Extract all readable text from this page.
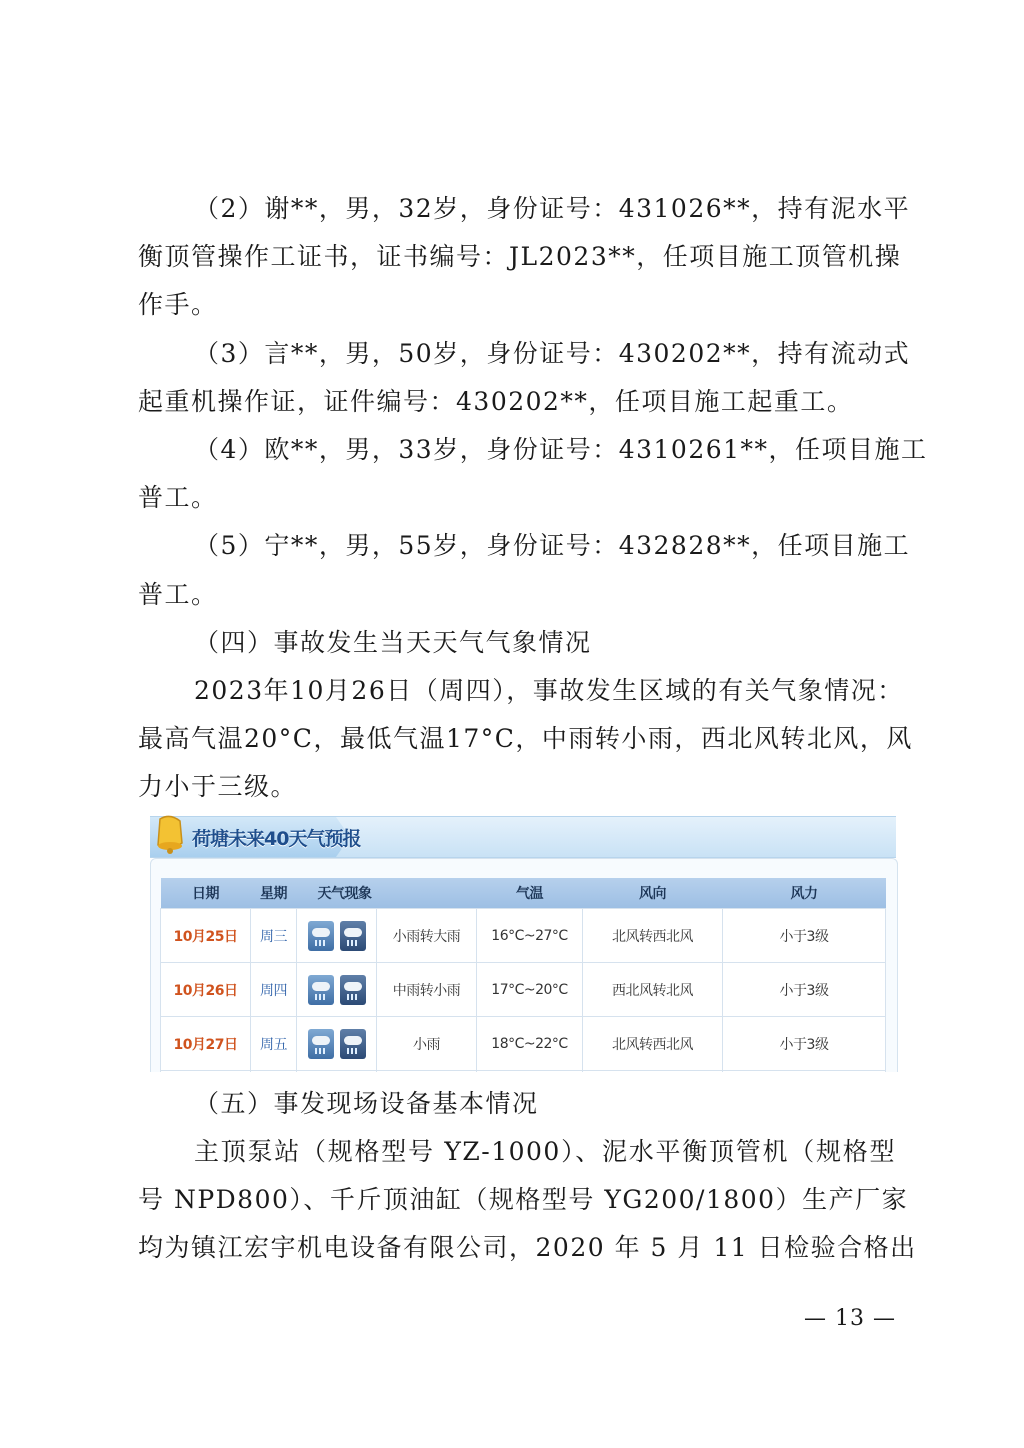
（2）谢**，男，32岁，身份证号：431026**，持有泥水平
衡顶管操作工证书，证书编号：JL2023**，任项目施工顶管机操
作手。
（3）言**，男，50岁，身份证号：430202**，持有流动式
起重机操作证，证件编号：430202**，任项目施工起重工。
（4）欧**，男，33岁，身份证号：4310261**，任项目施工
普工。
（5）宁**，男，55岁，身份证号：432828**，任项目施工
普工。
（四）事故发生当天天气气象情况
2023年10月26日（周四），事故发生区域的有关气象情况：
最高气温20°C，最低气温17°C，中雨转小雨，西北风转北风，风
力小于三级。
荷塘未来40天气预报
日期	星期		天气现象	气温	风向	风力
10月25日	周三		小雨转大雨	16°C~27°C	北风转西北风	小于3级
10月26日	周四		中雨转小雨	17°C~20°C	西北风转北风	小于3级
10月27日	周五		小雨	18°C~22°C	北风转西北风	小于3级

（五）事发现场设备基本情况
主顶泵站（规格型号 YZ-1000）、泥水平衡顶管机（规格型
号 NPD800）、千斤顶油缸（规格型号 YG200/1800）生产厂家
均为镇江宏宇机电设备有限公司，2020 年 5 月 11 日检验合格出
— 13 —
